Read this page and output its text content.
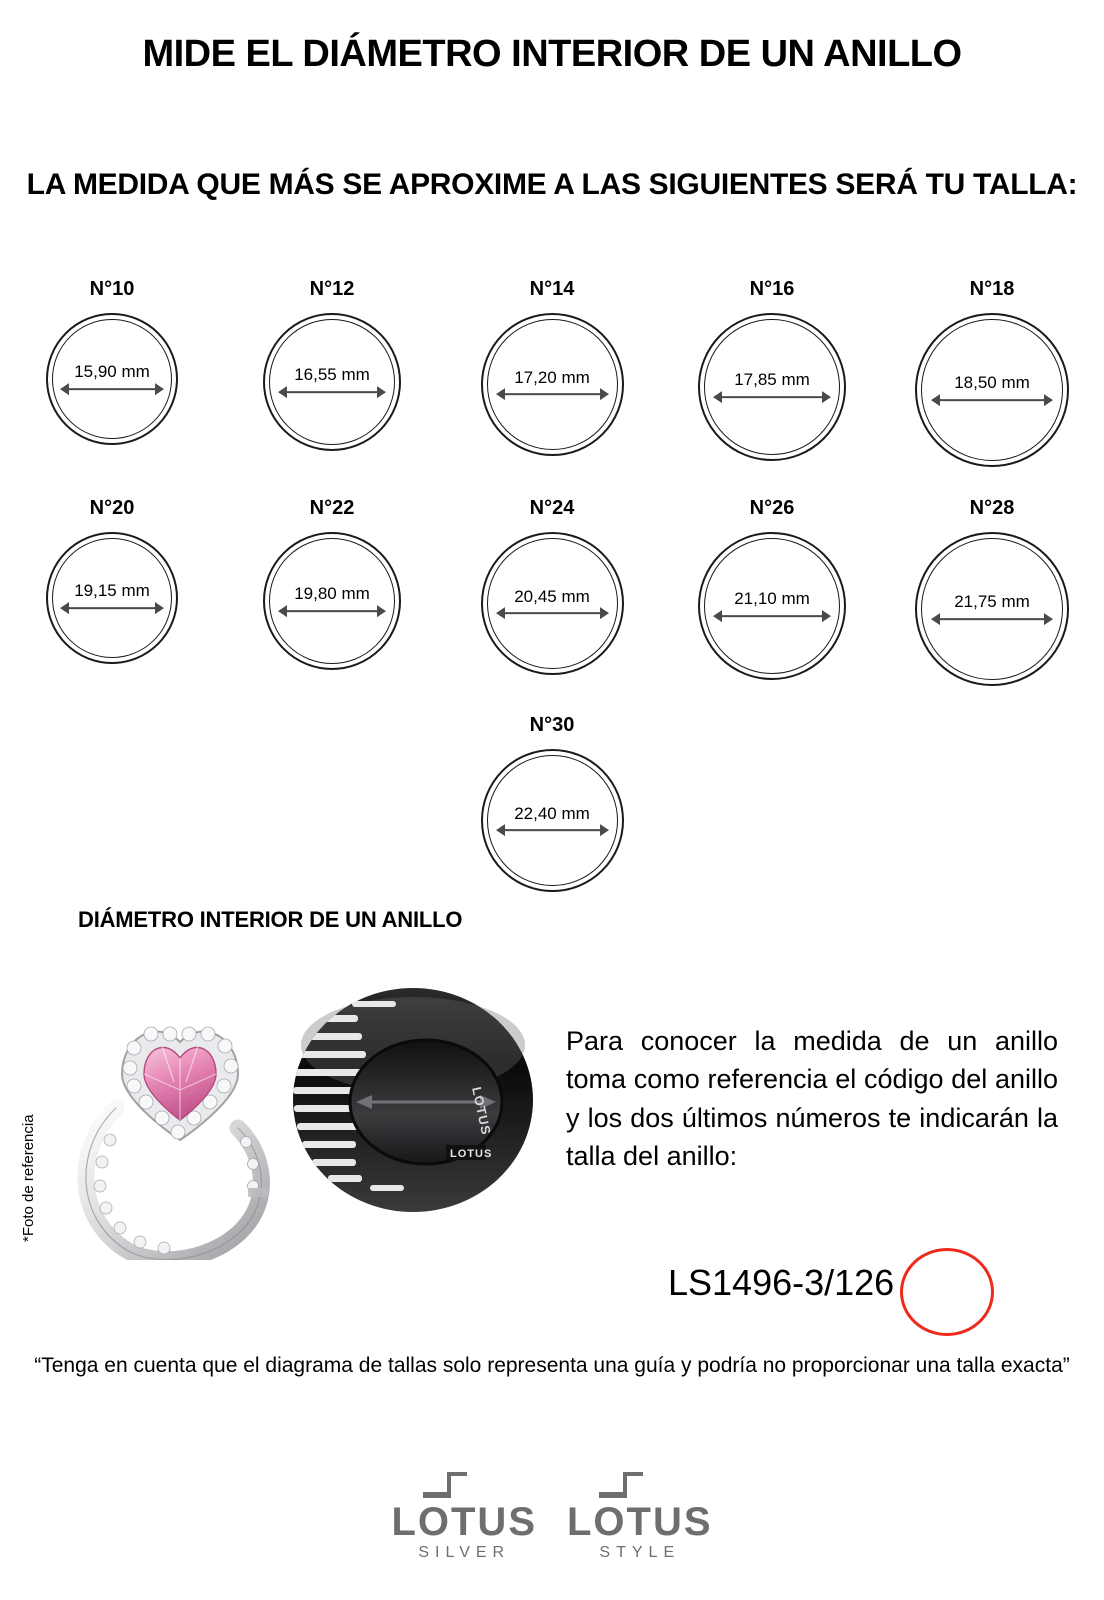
MIDE EL DIÁMETRO INTERIOR DE UN ANILLO
LA MEDIDA QUE MÁS SE APROXIME A LAS SIGUIENTES SERÁ TU TALLA:
N°10
15,90 mm
N°12
16,55 mm
N°14
17,20 mm
N°16
17,85 mm
N°18
18,50 mm
N°20
19,15 mm
N°22
19,80 mm
N°24
20,45 mm
N°26
21,10 mm
N°28
21,75 mm
N°30
22,40 mm
DIÁMETRO INTERIOR DE UN ANILLO
*Foto de referencia
LOTUS
LOTUS
Para conocer la medida de un anillo toma como referencia el código del anillo y los dos últimos números te indicarán la talla del anillo:
LS1496-3/126
“Tenga en cuenta que el diagrama de tallas solo representa una guía y podría no proporcionar una talla exacta”
LOTUS
SILVER
LOTUS
STYLE
